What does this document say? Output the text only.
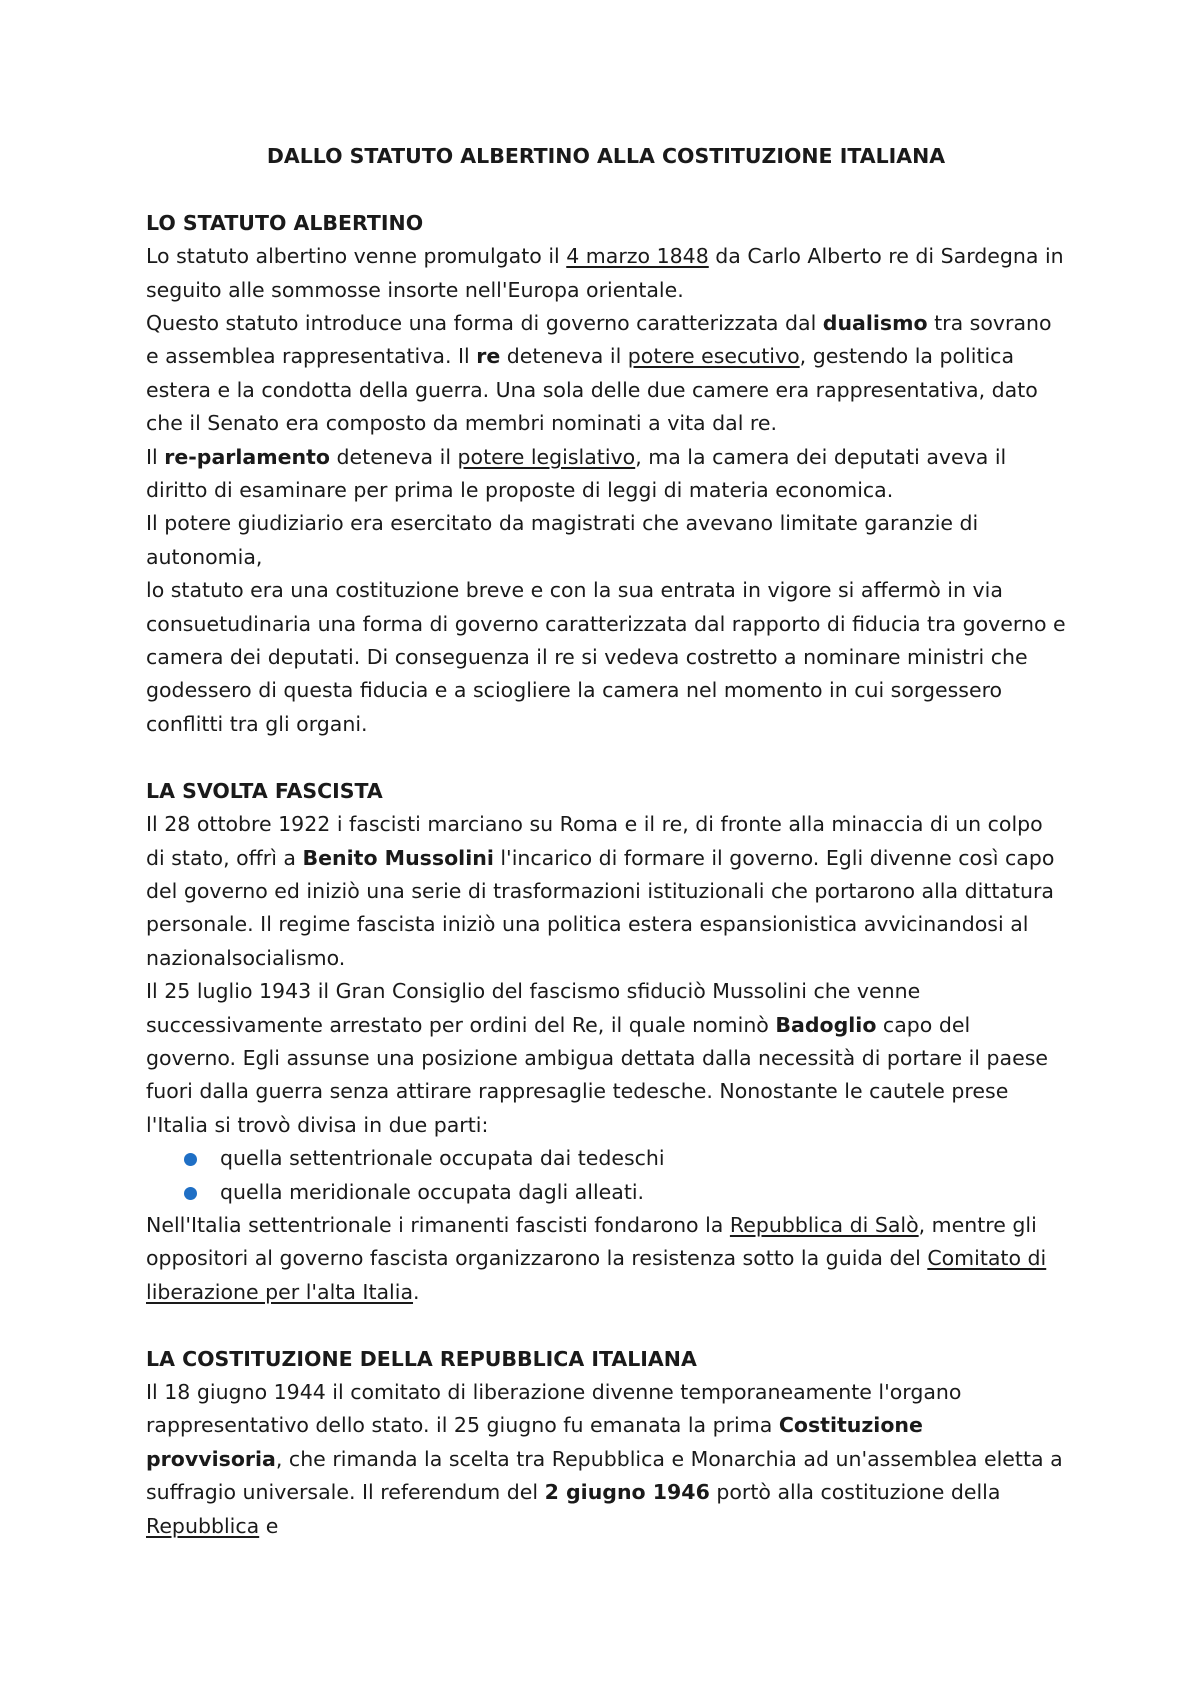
DALLO STATUTO ALBERTINO ALLA COSTITUZIONE ITALIANA
LO STATUTO ALBERTINO

Lo statuto albertino venne promulgato il 4 marzo 1848 da Carlo Alberto re di Sardegna in seguito alle sommosse insorte nell'Europa orientale.

Questo statuto introduce una forma di governo caratterizzata dal dualismo tra sovrano e assemblea rappresentativa. Il re deteneva il potere esecutivo, gestendo la politica estera e la condotta della guerra. Una sola delle due camere era rappresentativa, dato che il Senato era composto da membri nominati a vita dal re.

Il re-parlamento deteneva il potere legislativo, ma la camera dei deputati aveva il diritto di esaminare per prima le proposte di leggi di materia economica.

Il potere giudiziario era esercitato da magistrati che avevano limitate garanzie di autonomia,

lo statuto era una costituzione breve e con la sua entrata in vigore si affermò in via consuetudinaria una forma di governo caratterizzata dal rapporto di fiducia tra governo e camera dei deputati. Di conseguenza il re si vedeva costretto a nominare ministri che godessero di questa fiducia e a sciogliere la camera nel momento in cui sorgessero conflitti tra gli organi.

LA SVOLTA FASCISTA

Il 28 ottobre 1922 i fascisti marciano su Roma e il re, di fronte alla minaccia di un colpo di stato, offrì a Benito Mussolini l'incarico di formare il governo. Egli divenne così capo del governo ed iniziò una serie di trasformazioni istituzionali che portarono alla dittatura personale. Il regime fascista iniziò una politica estera espansionistica avvicinandosi al nazionalsocialismo.

Il 25 luglio 1943 il Gran Consiglio del fascismo sfiduciò Mussolini che venne successivamente arrestato per ordini del Re, il quale nominò Badoglio capo del governo. Egli assunse una posizione ambigua dettata dalla necessità di portare il paese fuori dalla guerra senza attirare rappresaglie tedesche. Nonostante le cautele prese l'Italia si trovò divisa in due parti:

quella settentrionale occupata dai tedeschi
quella meridionale occupata dagli alleati.

Nell'Italia settentrionale i rimanenti fascisti fondarono la Repubblica di Salò, mentre gli oppositori al governo fascista organizzarono la resistenza sotto la guida del Comitato di liberazione per l'alta Italia.

LA COSTITUZIONE DELLA REPUBBLICA ITALIANA

Il 18 giugno 1944 il comitato di liberazione divenne temporaneamente l'organo rappresentativo dello stato. il 25 giugno fu emanata la prima Costituzione provvisoria, che rimanda la scelta tra Repubblica e Monarchia ad un'assemblea eletta a suffragio universale. Il referendum del 2 giugno 1946 portò alla costituzione della Repubblica e
